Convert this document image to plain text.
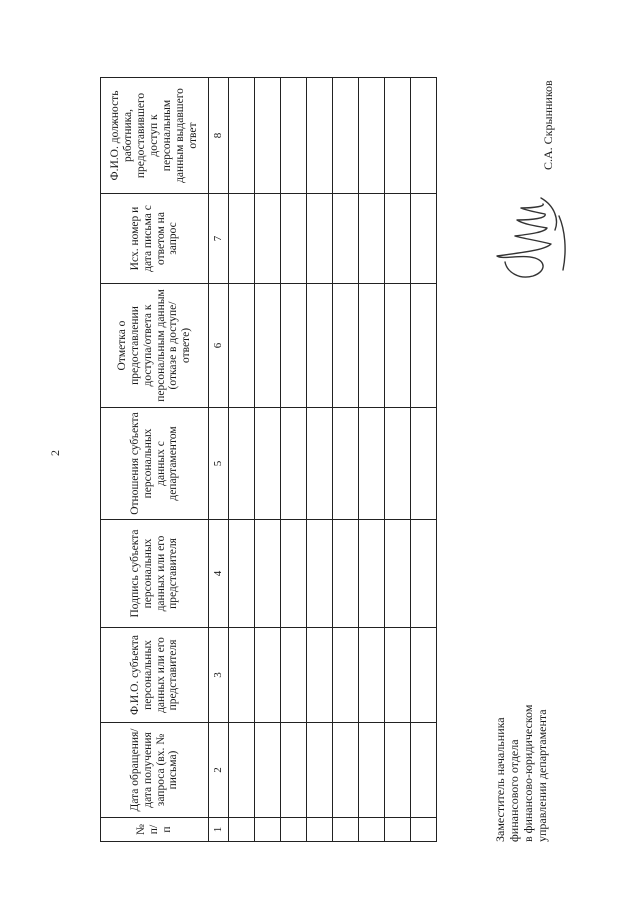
2
№ п/п	Дата обращения/ дата получения запроса (вх. № письма)	Ф.И.О. субъекта персональных данных или его представителя	Подпись субъекта персональных данных или его представителя	Отношения субъекта персональных данных с департаментом	Отметка о предоставлении доступа/ответа к персональным данным (отказе в доступе/ответе)	Исх. номер и дата письма с ответом на запрос	Ф.И.О. должность работника, предоставившего доступ к персональным данным выдавшего ответ
1	2	3	4	5	6	7	8

Заместитель начальника финансового отдела в финансово-юридическом управлении департамента
С.А. Скрынников
